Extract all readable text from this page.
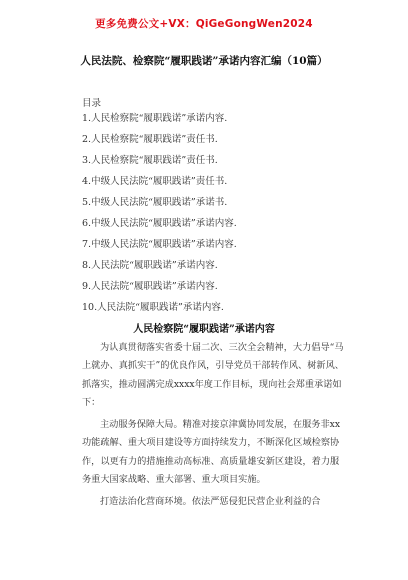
更多免费公文+VX：QiGeGongWen2024
人民法院、检察院“履职践诺”承诺内容汇编（10篇）
目录
1.人民检察院“履职践诺”承诺内容.
2.人民检察院“履职践诺”责任书.
3.人民检察院“履职践诺”责任书.
4.中级人民法院“履职践诺”责任书.
5.中级人民法院“履职践诺”承诺书.
6.中级人民法院“履职践诺”承诺内容.
7.中级人民法院“履职践诺”承诺内容.
8.人民法院“履职践诺”承诺内容.
9.人民法院“履职践诺”承诺内容.
10.人民法院“履职践诺”承诺内容.
人民检察院“履职践诺”承诺内容

为认真贯彻落实省委十届二次、三次全会精神，大力倡导“马上就办、真抓实干”的优良作风，引导党员干部转作风、树新风、抓落实，推动圆满完成xxxx年度工作目标，现向社会郑重承诺如下：

主动服务保障大局。精准对接京津冀协同发展，在服务非xx功能疏解、重大项目建设等方面持续发力，不断深化区域检察协作，以更有力的措施推动高标准、高质量雄安新区建设，着力服务重大国家战略、重大部署、重大项目实施。

打造法治化营商环境。依法严惩侵犯民营企业利益的合
